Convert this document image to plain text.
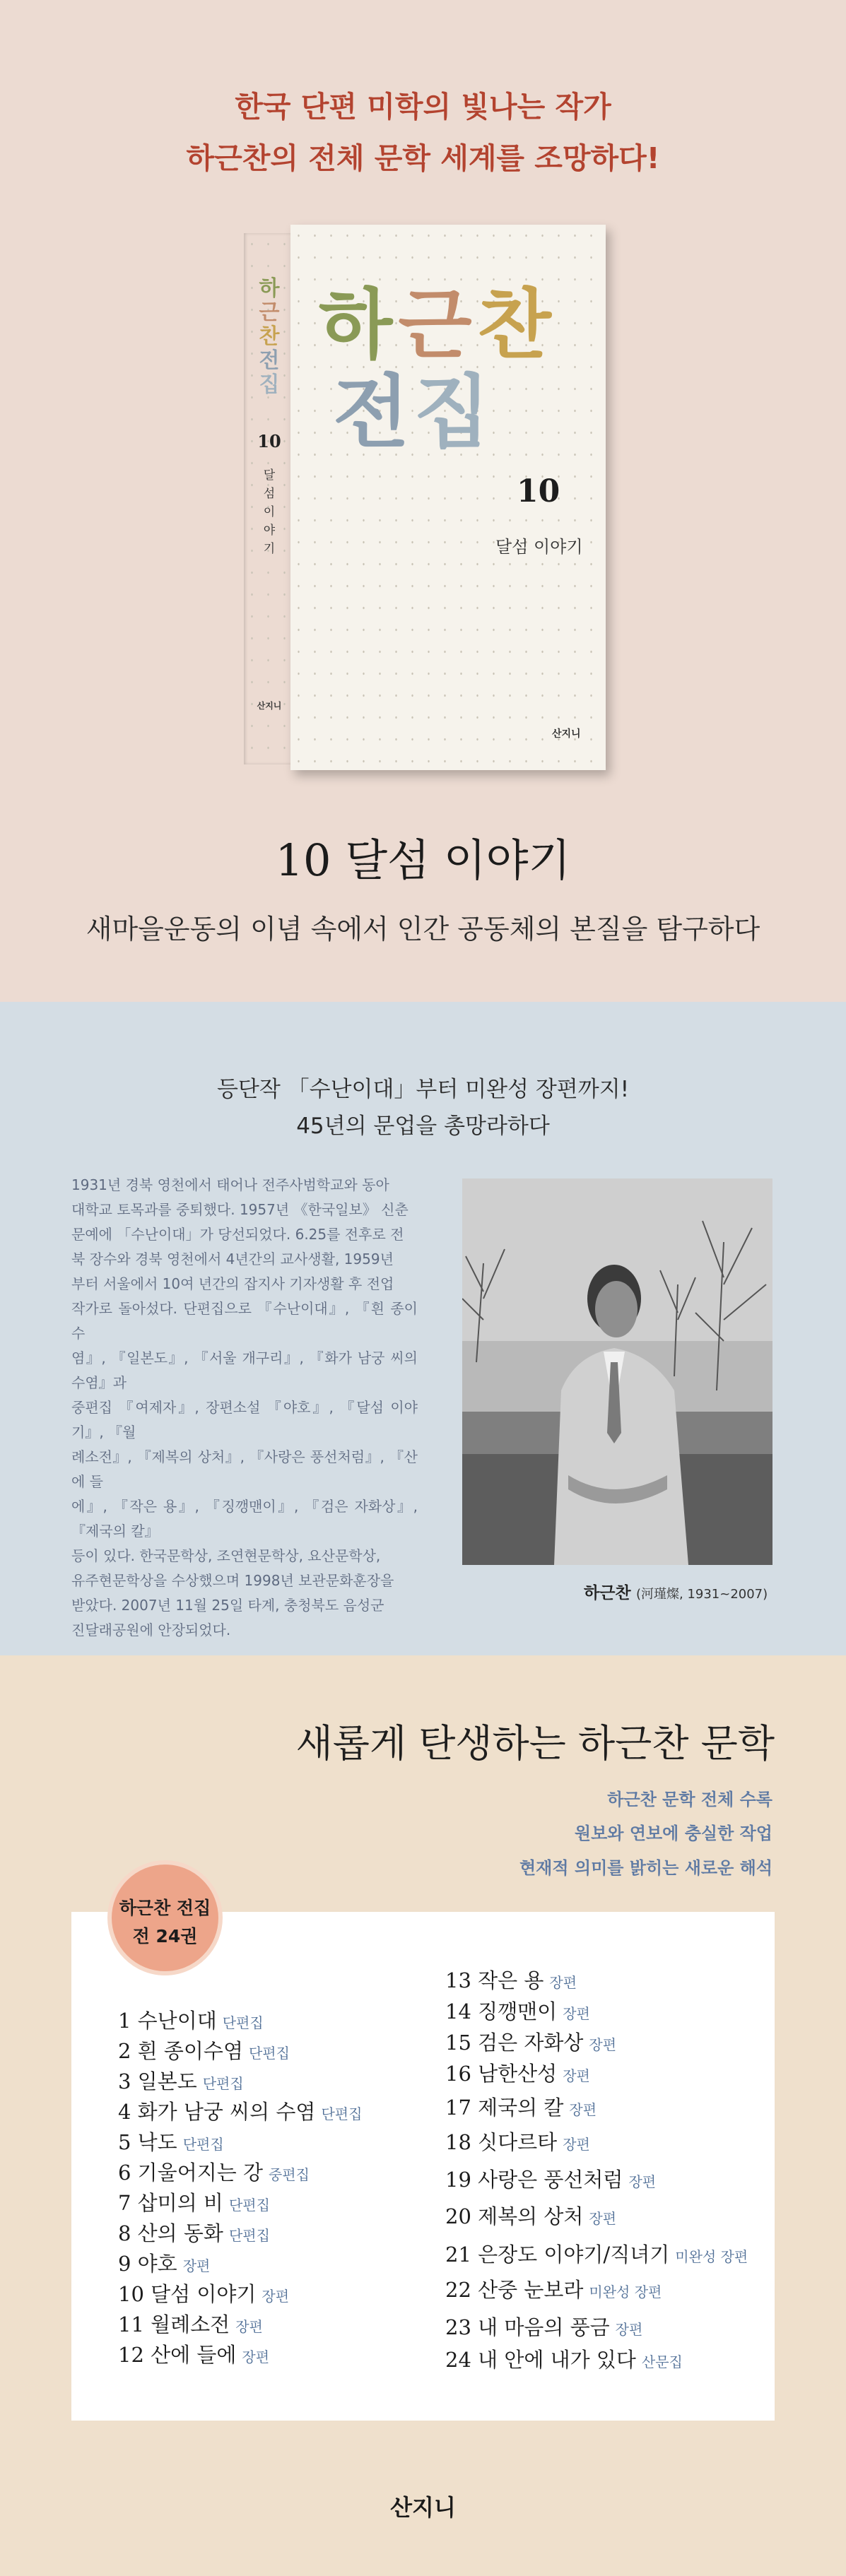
한국 단편 미학의 빛나는 작가
하근찬의 전체 문학 세계를 조망하다!
하
근
찬
전
집
10
달
섬
이
야
기
산지니
하근찬
전집
10
달섬 이야기
산지니
10 달섬 이야기
새마을운동의 이념 속에서 인간 공동체의 본질을 탐구하다
등단작 「수난이대」부터 미완성 장편까지!
45년의 문업을 총망라하다
1931년 경북 영천에서 태어나 전주사범학교와 동아
대학교 토목과를 중퇴했다. 1957년 《한국일보》 신춘
문예에 「수난이대」가 당선되었다. 6.25를 전후로 전
북 장수와 경북 영천에서 4년간의 교사생활, 1959년
부터 서울에서 10여 년간의 잡지사 기자생활 후 전업
작가로 돌아섰다. 단편집으로 『수난이대』, 『흰 종이수
염』, 『일본도』, 『서울 개구리』, 『화가 남궁 씨의 수염』과
중편집 『여제자』, 장편소설 『야호』, 『달섬 이야기』, 『월
례소전』, 『제복의 상처』, 『사랑은 풍선처럼』, 『산에 들
에』, 『작은 용』, 『징깽맨이』, 『검은 자화상』, 『제국의 칼』
등이 있다. 한국문학상, 조연현문학상, 요산문학상,
유주현문학상을 수상했으며 1998년 보관문화훈장을
받았다. 2007년 11월 25일 타계, 충청북도 음성군
진달래공원에 안장되었다.
하근찬 (河瑾燦, 1931~2007)
새롭게 탄생하는 하근찬 문학
하근찬 문학 전체 수록
원보와 연보에 충실한 작업
현재적 의미를 밝히는 새로운 해석
하근찬 전집
전 24권
1 수난이대 단편집
2 흰 종이수염 단편집
3 일본도 단편집
4 화가 남궁 씨의 수염 단편집
5 낙도 단편집
6 기울어지는 강 중편집
7 삽미의 비 단편집
8 산의 동화 단편집
9 야호 장편
10 달섬 이야기 장편
11 월례소전 장편
12 산에 들에 장편
13 작은 용 장편
14 징깽맨이 장편
15 검은 자화상 장편
16 남한산성 장편
17 제국의 칼 장편
18 싯다르타 장편
19 사랑은 풍선처럼 장편
20 제복의 상처 장편
21 은장도 이야기/직녀기 미완성 장편
22 산중 눈보라 미완성 장편
23 내 마음의 풍금 장편
24 내 안에 내가 있다 산문집
산지니
